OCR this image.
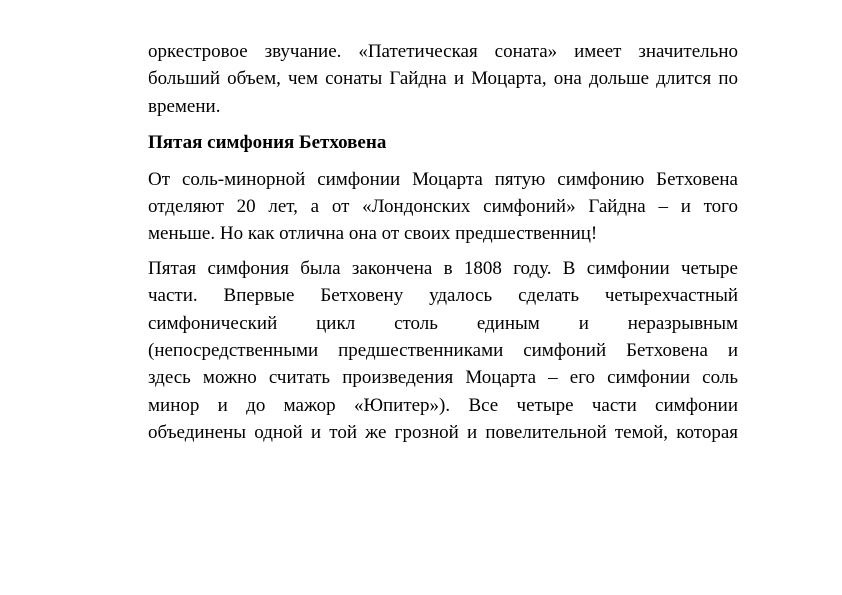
оркестровое звучание. «Патетическая соната» имеет значительно
больший объем, чем сонаты Гайдна и Моцарта, она дольше длится по
времени.

Пятая симфония Бетховена

От соль-минорной симфонии Моцарта пятую симфонию Бетховена
отделяют 20 лет, а от «Лондонских симфоний» Гайдна – и того
меньше. Но как отлична она от своих предшественниц!

Пятая симфония была закончена в 1808 году. В симфонии четыре
части. Впервые Бетховену удалось сделать четырехчастный
симфонический цикл столь единым и неразрывным
(непосредственными предшественниками симфоний Бетховена и
здесь можно считать произведения Моцарта – его симфонии соль
минор и до мажор «Юпитер»). Все четыре части симфонии
объединены одной и той же грозной и повелительной темой, которая
